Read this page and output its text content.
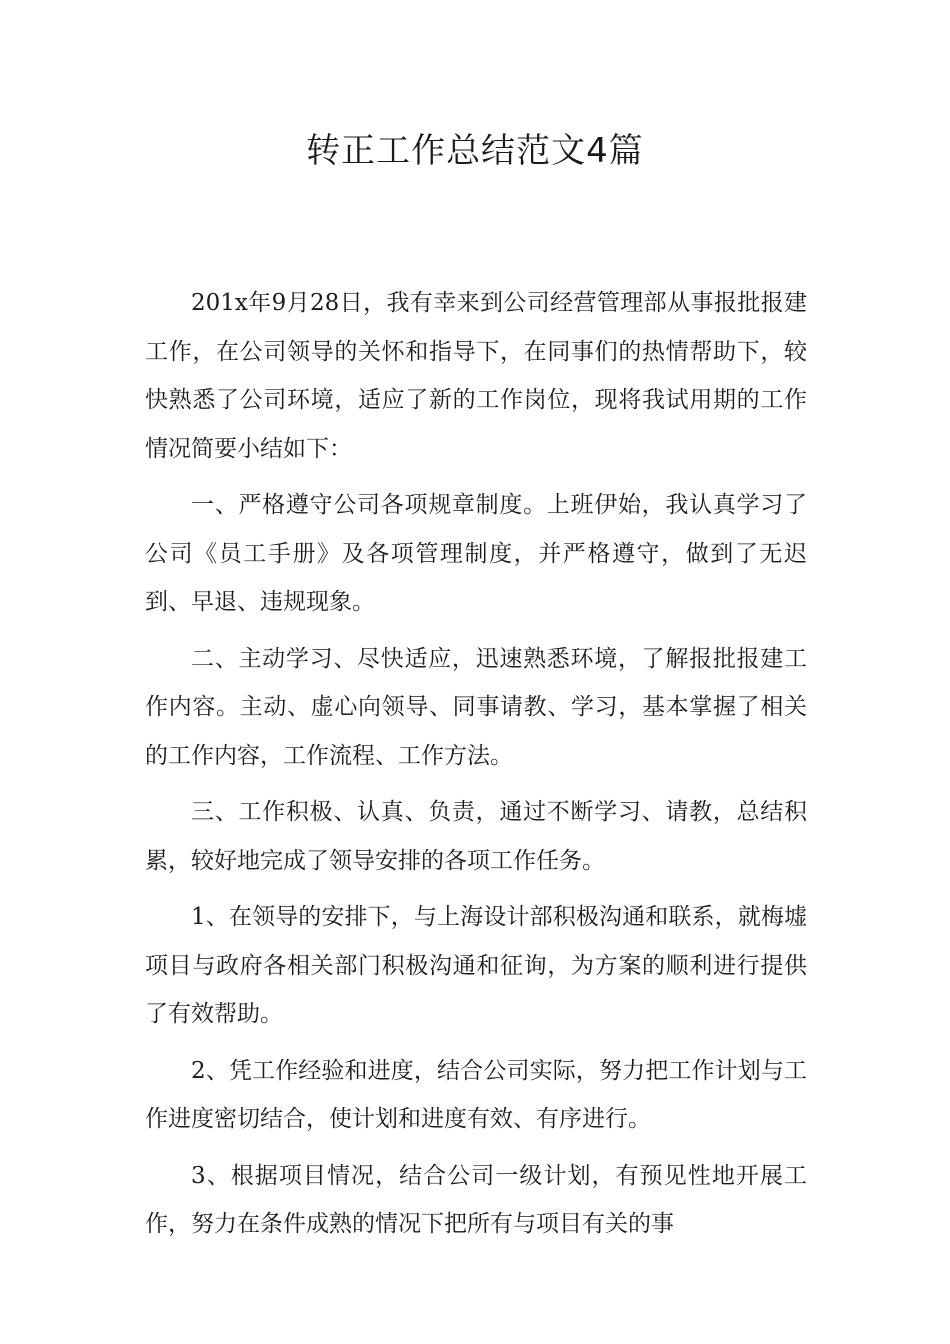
转正工作总结范文4篇

201x年9月28日，我有幸来到公司经营管理部从事报批报建工作，在公司领导的关怀和指导下，在同事们的热情帮助下，较快熟悉了公司环境，适应了新的工作岗位，现将我试用期的工作情况简要小结如下：

一、严格遵守公司各项规章制度。上班伊始，我认真学习了公司《员工手册》及各项管理制度，并严格遵守，做到了无迟到、早退、违规现象。

二、主动学习、尽快适应，迅速熟悉环境，了解报批报建工作内容。主动、虚心向领导、同事请教、学习，基本掌握了相关的工作内容，工作流程、工作方法。

三、工作积极、认真、负责，通过不断学习、请教，总结积累，较好地完成了领导安排的各项工作任务。

1、在领导的安排下，与上海设计部积极沟通和联系，就梅墟项目与政府各相关部门积极沟通和征询，为方案的顺利进行提供了有效帮助。

2、凭工作经验和进度，结合公司实际，努力把工作计划与工作进度密切结合，使计划和进度有效、有序进行。

3、根据项目情况，结合公司一级计划，有预见性地开展工作，努力在条件成熟的情况下把所有与项目有关的事
